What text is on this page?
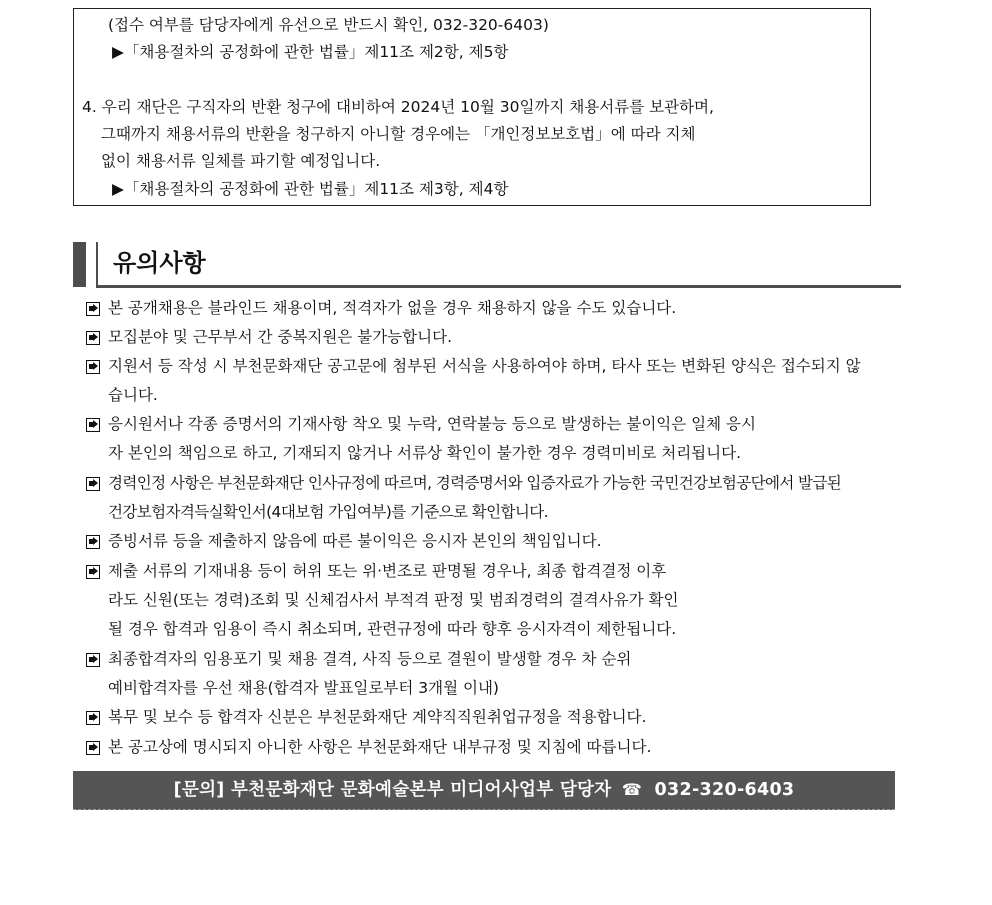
(접수 여부를 담당자에게 유선으로 반드시 확인, 032-320-6403)
▶「채용절차의 공정화에 관한 법률」제11조 제2항, 제5항
4. 우리 재단은 구직자의 반환 청구에 대비하여 2024년 10월 30일까지 채용서류를 보관하며,
그때까지 채용서류의 반환을 청구하지 아니할 경우에는 「개인정보보호법」에 따라 지체
없이 채용서류 일체를 파기할 예정입니다.
▶「채용절차의 공정화에 관한 법률」제11조 제3항, 제4항
유의사항
본 공개채용은 블라인드 채용이며, 적격자가 없을 경우 채용하지 않을 수도 있습니다.
모집분야 및 근무부서 간 중복지원은 불가능합니다.
지원서 등 작성 시 부천문화재단 공고문에 첨부된 서식을 사용하여야 하며, 타사 또는 변화된 양식은 접수되지 않
습니다.
응시원서나 각종 증명서의 기재사항 착오 및 누락, 연락불능 등으로 발생하는 불이익은 일체 응시
자 본인의 책임으로 하고, 기재되지 않거나 서류상 확인이 불가한 경우 경력미비로 처리됩니다.
경력인정 사항은 부천문화재단 인사규정에 따르며, 경력증명서와 입증자료가 가능한 국민건강보험공단에서 발급된
건강보험자격득실확인서(4대보험 가입여부)를 기준으로 확인합니다.
증빙서류 등을 제출하지 않음에 따른 불이익은 응시자 본인의 책임입니다.
제출 서류의 기재내용 등이 허위 또는 위·변조로 판명될 경우나, 최종 합격결정 이후
라도 신원(또는 경력)조회 및 신체검사서 부적격 판정 및 범죄경력의 결격사유가 확인
될 경우 합격과 임용이 즉시 취소되며, 관련규정에 따라 향후 응시자격이 제한됩니다.
최종합격자의 임용포기 및 채용 결격, 사직 등으로 결원이 발생할 경우 차 순위
예비합격자를 우선 채용(합격자 발표일로부터 3개월 이내)
복무 및 보수 등 합격자 신분은 부천문화재단 계약직직원취업규정을 적용합니다.
본 공고상에 명시되지 아니한 사항은 부천문화재단 내부규정 및 지침에 따릅니다.
[문의] 부천문화재단 문화예술본부 미디어사업부 담당자 ☎ 032-320-6403
